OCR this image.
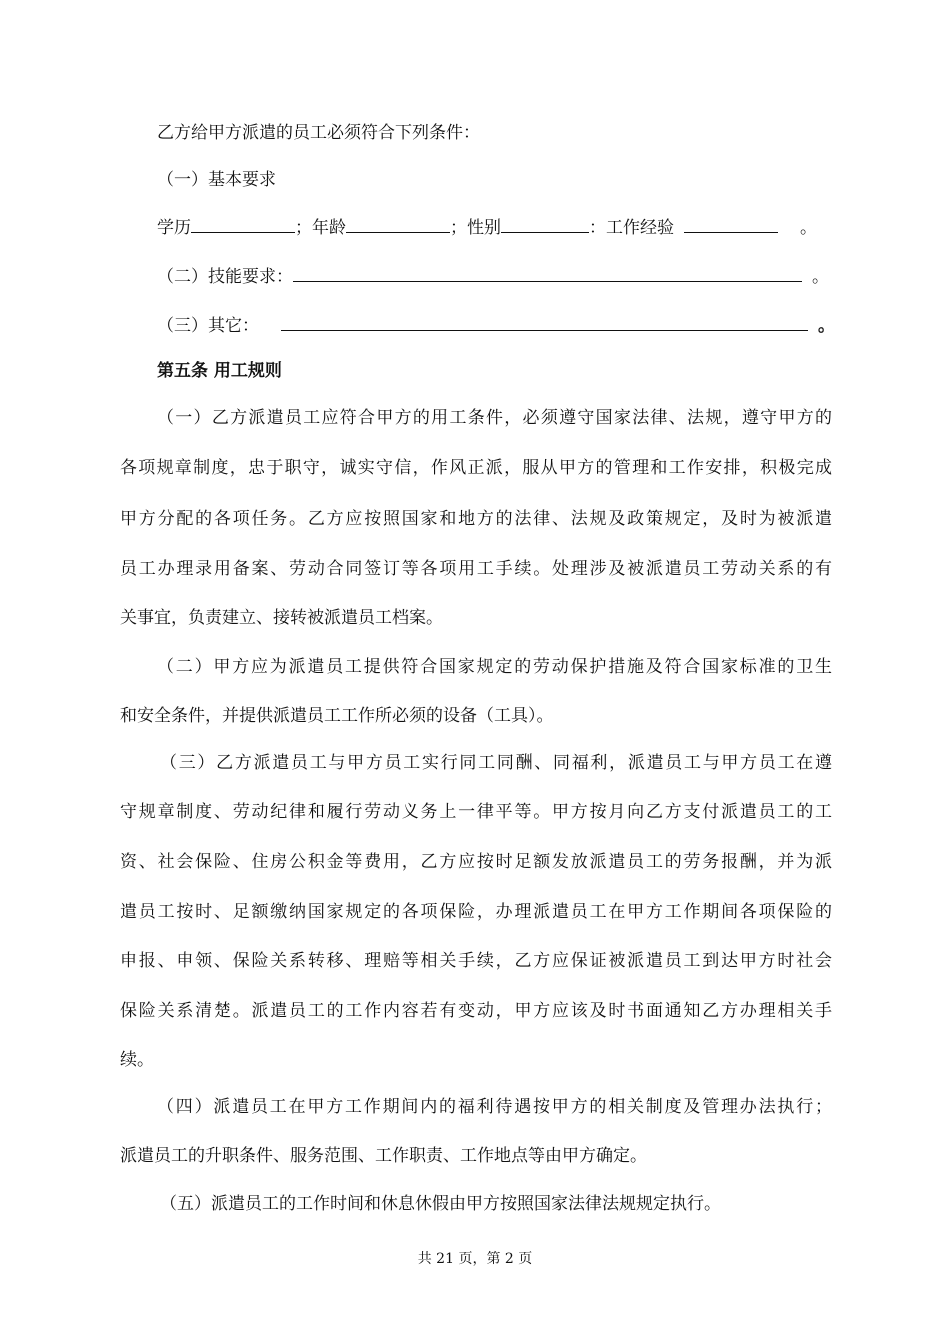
乙方给甲方派遣的员工必须符合下列条件：
（一）基本要求
学历	；年龄	；性别	：工作经验	。
（二）技能要求：	。
（三）其它：	。
第五条 用工规则
（一）乙方派遣员工应符合甲方的用工条件，必须遵守国家法律、法规，遵守甲方的
各项规章制度，忠于职守，诚实守信，作风正派，服从甲方的管理和工作安排，积极完成
甲方分配的各项任务。乙方应按照国家和地方的法律、法规及政策规定，及时为被派遣
员工办理录用备案、劳动合同签订等各项用工手续。处理涉及被派遣员工劳动关系的有
关事宜，负责建立、接转被派遣员工档案。
（二）甲方应为派遣员工提供符合国家规定的劳动保护措施及符合国家标准的卫生
和安全条件，并提供派遣员工工作所必须的设备（工具）。
（三）乙方派遣员工与甲方员工实行同工同酬、同福利，派遣员工与甲方员工在遵
守规章制度、劳动纪律和履行劳动义务上一律平等。甲方按月向乙方支付派遣员工的工
资、社会保险、住房公积金等费用，乙方应按时足额发放派遣员工的劳务报酬，并为派
遣员工按时、足额缴纳国家规定的各项保险，办理派遣员工在甲方工作期间各项保险的
申报、申领、保险关系转移、理赔等相关手续，乙方应保证被派遣员工到达甲方时社会
保险关系清楚。派遣员工的工作内容若有变动，甲方应该及时书面通知乙方办理相关手
续。
（四）派遣员工在甲方工作期间内的福利待遇按甲方的相关制度及管理办法执行；
派遣员工的升职条件、服务范围、工作职责、工作地点等由甲方确定。
（五）派遣员工的工作时间和休息休假由甲方按照国家法律法规规定执行。
共 21 页，第 2 页
